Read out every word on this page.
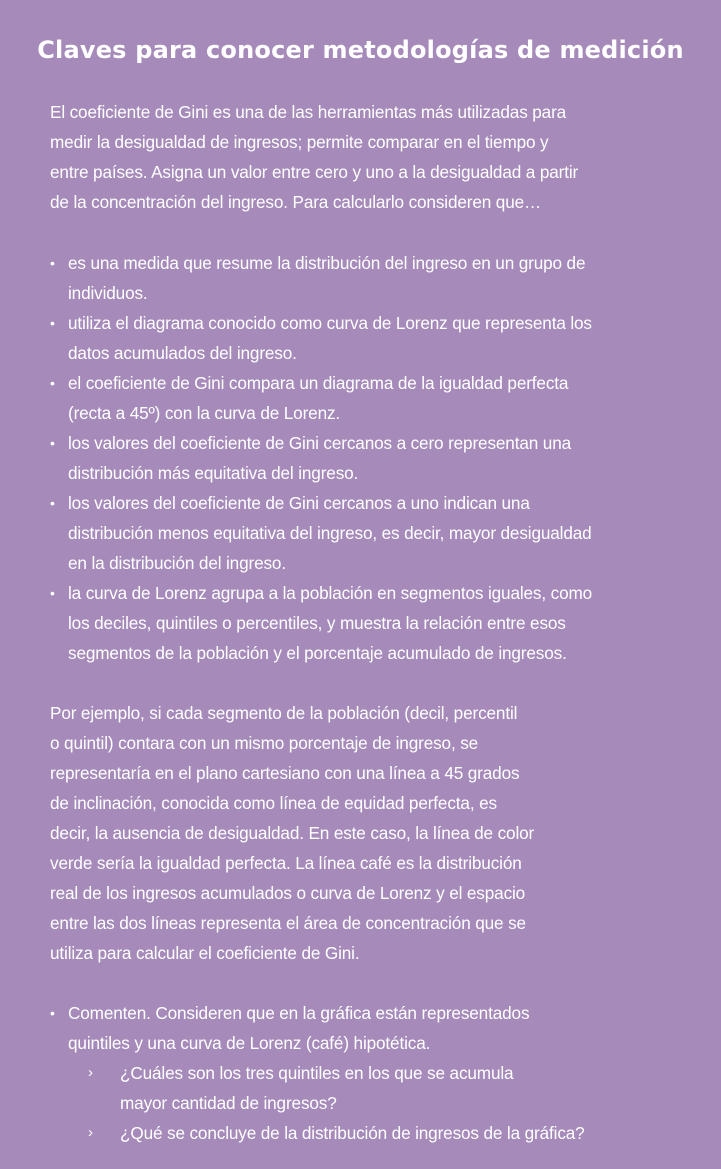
Claves para conocer metodologías de medición

El coeficiente de Gini es una de las herramientas más utilizadas para
medir la desigualdad de ingresos; permite comparar en el tiempo y
entre países. Asigna un valor entre cero y uno a la desigualdad a partir
de la concentración del ingreso. Para calcularlo consideren que…

• es una medida que resume la distribución del ingreso en un grupo de
individuos.
• utiliza el diagrama conocido como curva de Lorenz que representa los
datos acumulados del ingreso.
• el coeficiente de Gini compara un diagrama de la igualdad perfecta
(recta a 45º) con la curva de Lorenz.
• los valores del coeficiente de Gini cercanos a cero representan una
distribución más equitativa del ingreso.
• los valores del coeficiente de Gini cercanos a uno indican una
distribución menos equitativa del ingreso, es decir, mayor desigualdad
en la distribución del ingreso.
• la curva de Lorenz agrupa a la población en segmentos iguales, como
los deciles, quintiles o percentiles, y muestra la relación entre esos
segmentos de la población y el porcentaje acumulado de ingresos.

Por ejemplo, si cada segmento de la población (decil, percentil
o quintil) contara con un mismo porcentaje de ingreso, se
representaría en el plano cartesiano con una línea a 45 grados
de inclinación, conocida como línea de equidad perfecta, es
decir, la ausencia de desigualdad. En este caso, la línea de color
verde sería la igualdad perfecta. La línea café es la distribución
real de los ingresos acumulados o curva de Lorenz y el espacio
entre las dos líneas representa el área de concentración que se
utiliza para calcular el coeficiente de Gini.

• Comenten. Consideren que en la gráfica están representados
quintiles y una curva de Lorenz (café) hipotética.
› ¿Cuáles son los tres quintiles en los que se acumula
mayor cantidad de ingresos?
› ¿Qué se concluye de la distribución de ingresos de la gráfica?
